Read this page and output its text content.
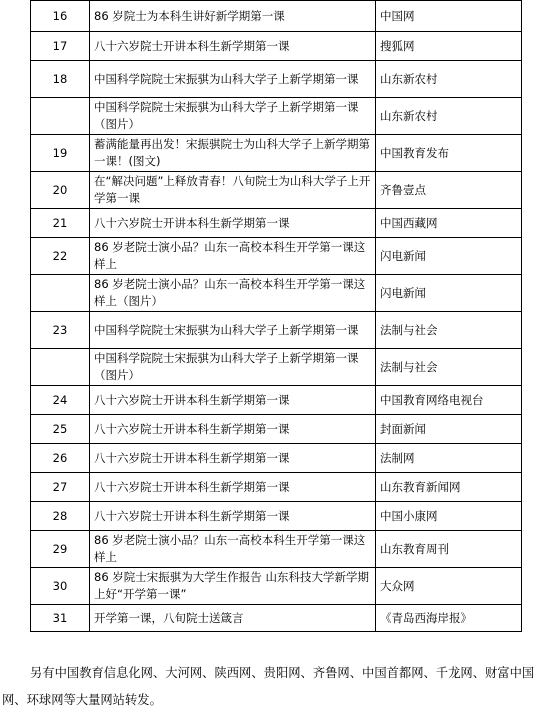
16	86 岁院士为本科生讲好新学期第一课	中国网
17	八十六岁院士开讲本科生新学期第一课	搜狐网
18	中国科学院院士宋振骐为山科大学子上新学期第一课	山东新农村
	中国科学院院士宋振骐为山科大学子上新学期第一课（图片）	山东新农村
19	蓄满能量再出发！宋振骐院士为山科大学子上新学期第一课！(图文)	中国教育发布
20	在“解决问题”上释放青春！八旬院士为山科大学子上开学第一课	齐鲁壹点
21	八十六岁院士开讲本科生新学期第一课	中国西藏网
22	86 岁老院士演小品？山东一高校本科生开学第一课这样上	闪电新闻
	86 岁老院士演小品？山东一高校本科生开学第一课这样上（图片）	闪电新闻
23	中国科学院院士宋振骐为山科大学子上新学期第一课	法制与社会
	中国科学院院士宋振骐为山科大学子上新学期第一课（图片）	法制与社会
24	八十六岁院士开讲本科生新学期第一课	中国教育网络电视台
25	八十六岁院士开讲本科生新学期第一课	封面新闻
26	八十六岁院士开讲本科生新学期第一课	法制网
27	八十六岁院士开讲本科生新学期第一课	山东教育新闻网
28	八十六岁院士开讲本科生新学期第一课	中国小康网
29	86 岁老院士演小品？山东一高校本科生开学第一课这样上	山东教育周刊
30	86 岁院士宋振骐为大学生作报告 山东科技大学新学期上好“开学第一课”	大众网
31	开学第一课，八旬院士送箴言	《青岛西海岸报》

另有中国教育信息化网、大河网、陕西网、贵阳网、齐鲁网、中国首都网、千龙网、财富中国网、环球网等大量网站转发。
